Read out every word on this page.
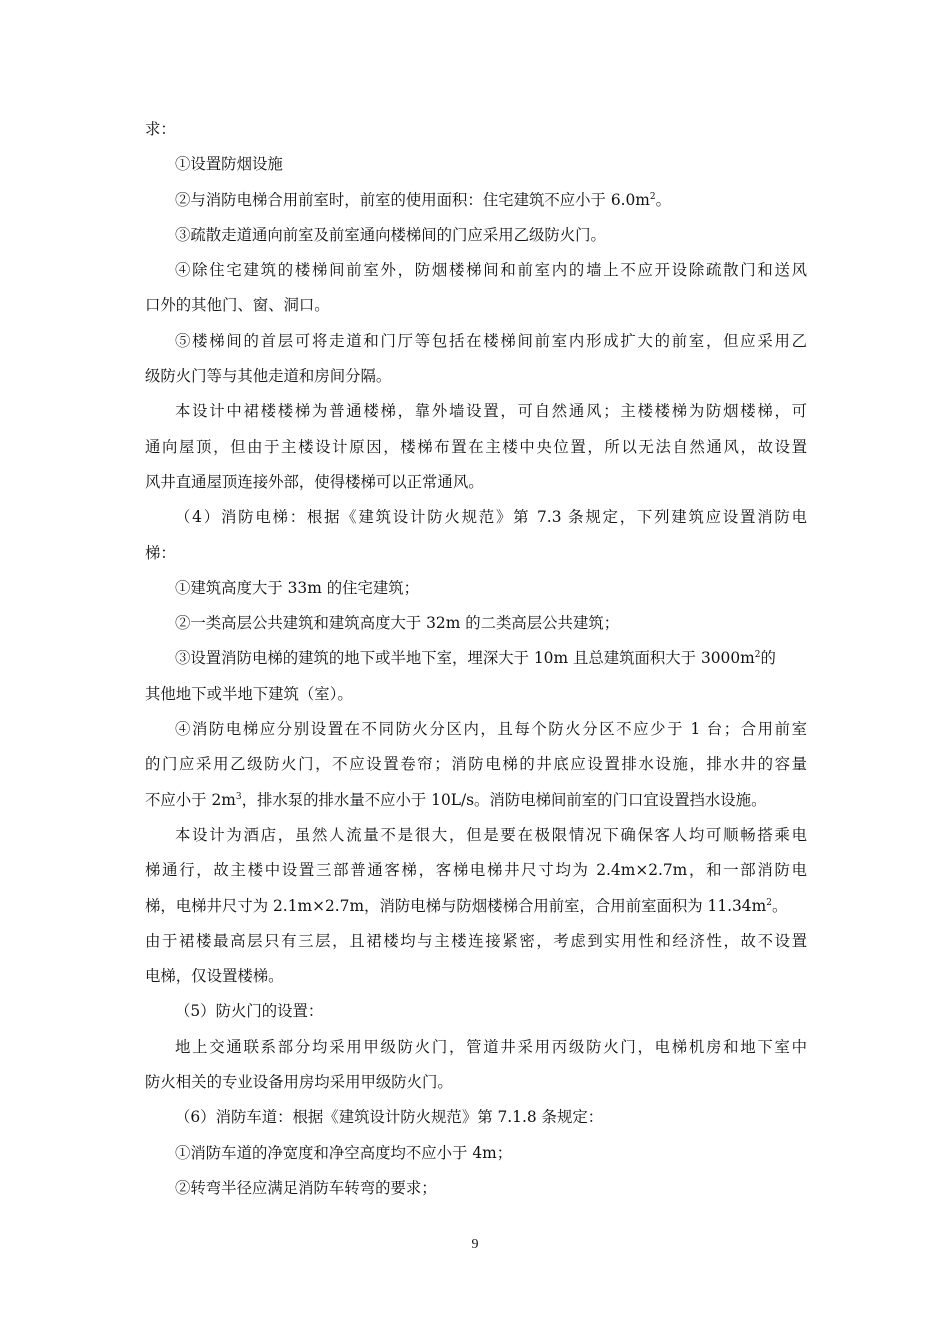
求：
①设置防烟设施
②与消防电梯合用前室时，前室的使用面积：住宅建筑不应小于 $6.0m^2$。
③疏散走道通向前室及前室通向楼梯间的门应采用乙级防火门。
④除住宅建筑的楼梯间前室外，防烟楼梯间和前室内的墙上不应开设除疏散门和送风
口外的其他门、窗、洞口。
⑤楼梯间的首层可将走道和门厅等包括在楼梯间前室内形成扩大的前室，但应采用乙
级防火门等与其他走道和房间分隔。
本设计中裙楼楼梯为普通楼梯，靠外墙设置，可自然通风；主楼楼梯为防烟楼梯，可
通向屋顶，但由于主楼设计原因，楼梯布置在主楼中央位置，所以无法自然通风，故设置
风井直通屋顶连接外部，使得楼梯可以正常通风。
（4）消防电梯：根据《建筑设计防火规范》第 7.3 条规定，下列建筑应设置消防电
梯：
①建筑高度大于 33m 的住宅建筑；
②一类高层公共建筑和建筑高度大于 32m 的二类高层公共建筑；
③设置消防电梯的建筑的地下或半地下室，埋深大于 10m 且总建筑面积大于 $3000m^2$的
其他地下或半地下建筑（室）。
④消防电梯应分别设置在不同防火分区内，且每个防火分区不应少于 1 台；合用前室
的门应采用乙级防火门，不应设置卷帘；消防电梯的井底应设置排水设施，排水井的容量
不应小于 $2m^3$，排水泵的排水量不应小于 10L/s。消防电梯间前室的门口宜设置挡水设施。
本设计为酒店，虽然人流量不是很大，但是要在极限情况下确保客人均可顺畅搭乘电
梯通行，故主楼中设置三部普通客梯，客梯电梯井尺寸均为 2.4m×2.7m，和一部消防电
梯，电梯井尺寸为 2.1m×2.7m，消防电梯与防烟楼梯合用前室，合用前室面积为 $11.34m^2$。
由于裙楼最高层只有三层，且裙楼均与主楼连接紧密，考虑到实用性和经济性，故不设置
电梯，仅设置楼梯。
（5）防火门的设置：
地上交通联系部分均采用甲级防火门，管道井采用丙级防火门，电梯机房和地下室中
防火相关的专业设备用房均采用甲级防火门。
（6）消防车道：根据《建筑设计防火规范》第 7.1.8 条规定：
①消防车道的净宽度和净空高度均不应小于 4m；
②转弯半径应满足消防车转弯的要求；
9
